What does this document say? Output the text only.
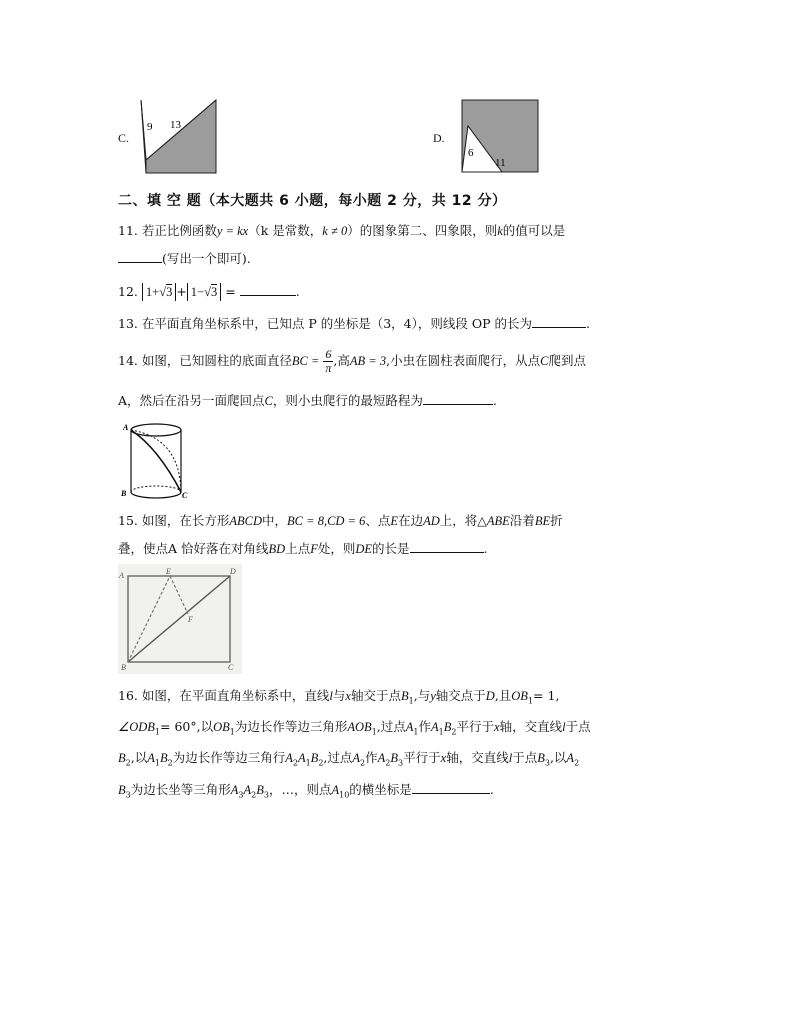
C.
9 13
D.
6
11
二、填 空 题（本大题共 6 小题，每小题 2 分，共 12 分）
11. 若正比例函数y = kx（k 是常数，k ≠ 0）的图象第二、四象限，则k的值可以是
(写出一个即可).
12. 1+√3 + 1−√3 =	.
13. 在平面直角坐标系中，已知点 P 的坐标是（3，4），则线段 OP 的长为	.
14. 如图，已知圆柱的底面直径BC = $\frac{6}{\pi}$ ,高AB = 3,小虫在圆柱表面爬行，从点C爬到点
A，然后在沿另一面爬回点C，则小虫爬行的最短路程为	.
A
B	C
15. 如图，在长方形ABCD中，BC = 8,CD = 6、点E在边AD上，将△ABE沿着BE折
叠，使点A 恰好落在对角线BD上点F处，则DE的长是	.
A	E	D
F
B	C
16. 如图，在平面直角坐标系中，直线l与x轴交于点$B_1$,与y轴交点于D,且$OB_1= 1$,
$\angle ODB_1= 60^\circ$,以$OB_1$为边长作等边三角形$AOB_1$,过点$A_1$作$A_1B_2$平行于x轴，交直线l于点
$B_2$,以$A_1B_2$为边长作等边三角行$A_2A_1B_2$,过点$A_2$作$A_2B_3$平行于x轴，交直线l于点$B_3$,以$A_2$
$B_3$为边长坐等三角形$A_3A_2B_3$，…，则点$A_{10}$的横坐标是	.
